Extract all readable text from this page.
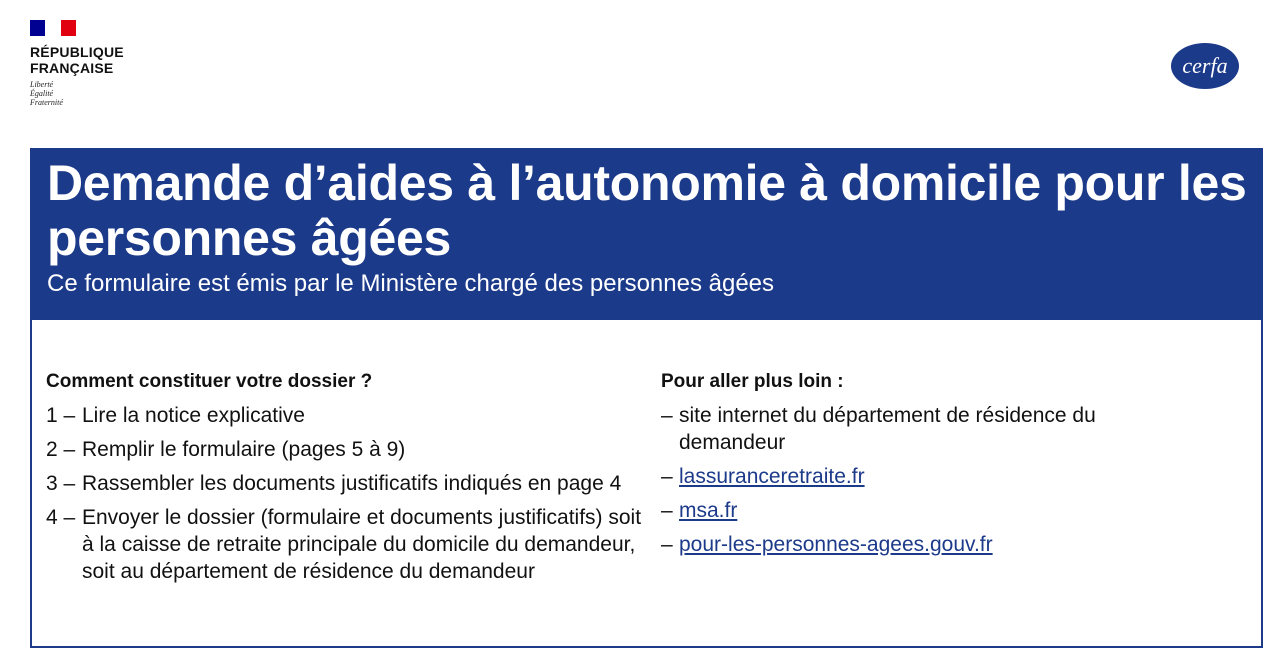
RÉPUBLIQUE
FRANÇAISE
Liberté
Égalité
Fraternité
cerfa
Demande d’aides à l’autonomie à domicile pour les personnes âgées
Ce formulaire est émis par le Ministère chargé des personnes âgées
Comment constituer votre dossier ?
1 – Lire la notice explicative
2 – Remplir le formulaire (pages 5 à 9)
3 – Rassembler les documents justificatifs indiqués en page 4
4 – Envoyer le dossier (formulaire et documents justificatifs) soit à la caisse de retraite principale du domicile du demandeur, soit au département de résidence du demandeur
Pour aller plus loin :
– site internet du département de résidence du demandeur
– lassuranceretraite.fr
– msa.fr
– pour-les-personnes-agees.gouv.fr
